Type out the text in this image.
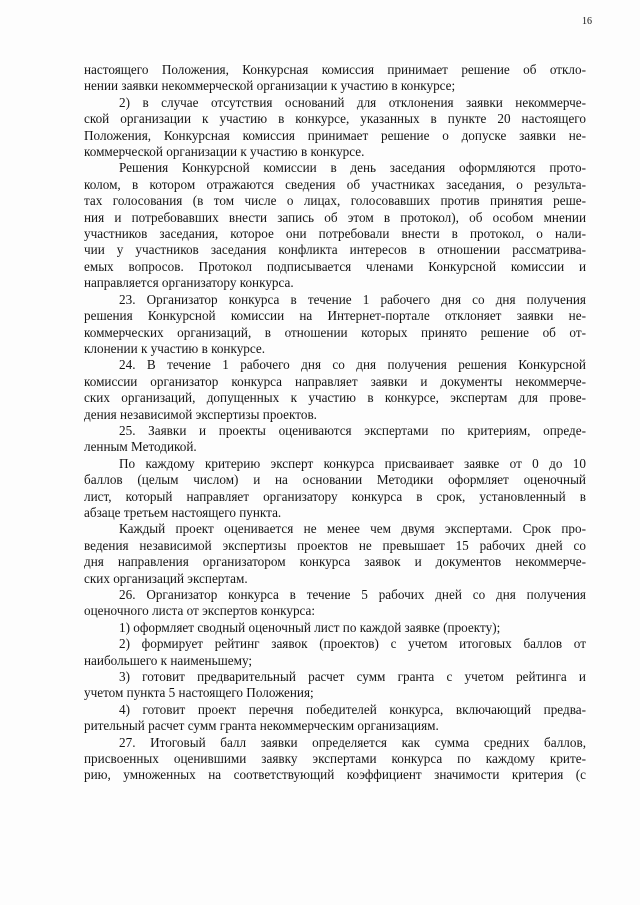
16
настоящего Положения, Конкурсная комиссия принимает решение об откло-
нении заявки некоммерческой организации к участию в конкурсе;
2) в случае отсутствия оснований для отклонения заявки некоммерче-
ской организации к участию в конкурсе, указанных в пункте 20 настоящего
Положения, Конкурсная комиссия принимает решение о допуске заявки не-
коммерческой организации к участию в конкурсе.
Решения Конкурсной комиссии в день заседания оформляются прото-
колом, в котором отражаются сведения об участниках заседания, о результа-
тах голосования (в том числе о лицах, голосовавших против принятия реше-
ния и потребовавших внести запись об этом в протокол), об особом мнении
участников заседания, которое они потребовали внести в протокол, о нали-
чии у участников заседания конфликта интересов в отношении рассматрива-
емых вопросов. Протокол подписывается членами Конкурсной комиссии и
направляется организатору конкурса.
23. Организатор конкурса в течение 1 рабочего дня со дня получения
решения Конкурсной комиссии на Интернет-портале отклоняет заявки не-
коммерческих организаций, в отношении которых принято решение об от-
клонении к участию в конкурсе.
24. В течение 1 рабочего дня со дня получения решения Конкурсной
комиссии организатор конкурса направляет заявки и документы некоммерче-
ских организаций, допущенных к участию в конкурсе, экспертам для прове-
дения независимой экспертизы проектов.
25. Заявки и проекты оцениваются экспертами по критериям, опреде-
ленным Методикой.
По каждому критерию эксперт конкурса присваивает заявке от 0 до 10
баллов (целым числом) и на основании Методики оформляет оценочный
лист, который направляет организатору конкурса в срок, установленный в
абзаце третьем настоящего пункта.
Каждый проект оценивается не менее чем двумя экспертами. Срок про-
ведения независимой экспертизы проектов не превышает 15 рабочих дней со
дня направления организатором конкурса заявок и документов некоммерче-
ских организаций экспертам.
26. Организатор конкурса в течение 5 рабочих дней со дня получения
оценочного листа от экспертов конкурса:
1) оформляет сводный оценочный лист по каждой заявке (проекту);
2) формирует рейтинг заявок (проектов) с учетом итоговых баллов от
наибольшего к наименьшему;
3) готовит предварительный расчет сумм гранта с учетом рейтинга и
учетом пункта 5 настоящего Положения;
4) готовит проект перечня победителей конкурса, включающий предва-
рительный расчет сумм гранта некоммерческим организациям.
27. Итоговый балл заявки определяется как сумма средних баллов,
присвоенных оценившими заявку экспертами конкурса по каждому крите-
рию, умноженных на соответствующий коэффициент значимости критерия (с
